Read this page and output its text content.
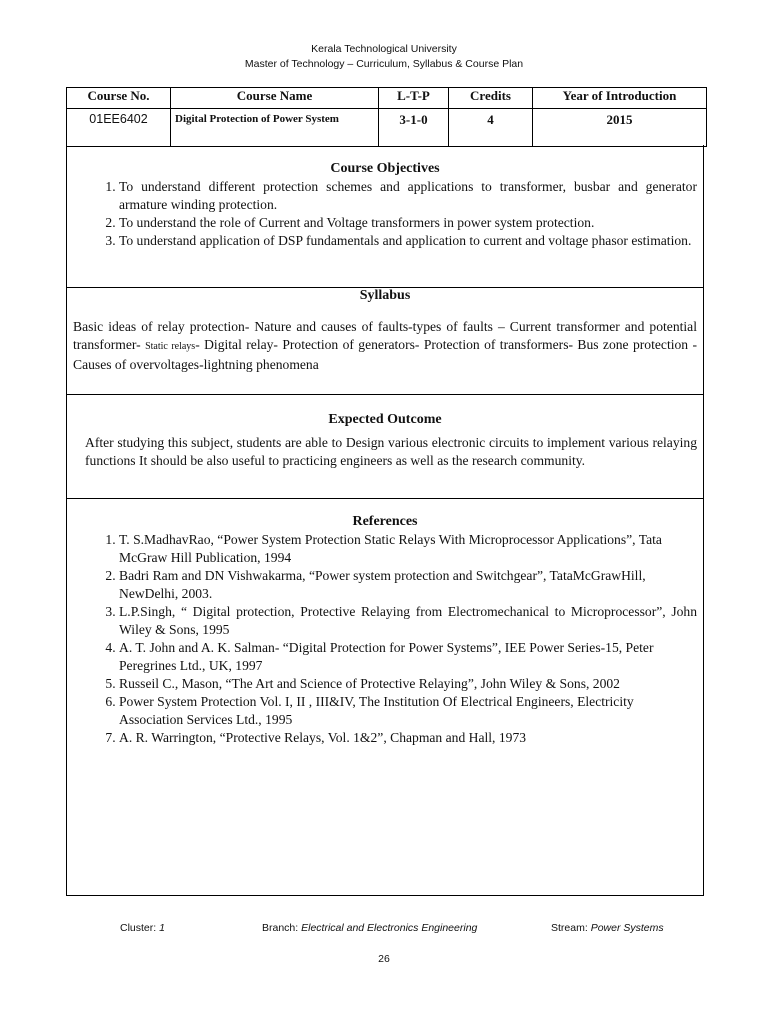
Kerala Technological University
Master of Technology – Curriculum, Syllabus & Course Plan
Course No.	Course Name	L-T-P	Credits	Year of Introduction
01EE6402	Digital Protection of Power System	3-1-0	4	2015
Course Objectives
1. To understand different protection schemes and applications to transformer, busbar and generator armature winding protection.
2. To understand the role of Current and Voltage transformers in power system protection.
3. To understand application of DSP fundamentals and application to current and voltage phasor estimation.
Syllabus
Basic ideas of relay protection- Nature and causes of faults-types of faults – Current transformer and potential transformer- Static relays- Digital relay- Protection of generators- Protection of transformers- Bus zone protection - Causes of overvoltages-lightning phenomena
Expected Outcome
After studying this subject, students are able to Design various electronic circuits to implement various relaying functions It should be also useful to practicing engineers as well as the research community.
References
1. T. S.MadhavRao, “Power System Protection Static Relays With Microprocessor Applications”, Tata McGraw Hill Publication, 1994
2. Badri Ram and DN Vishwakarma, “Power system protection and Switchgear”, TataMcGrawHill, NewDelhi, 2003.
3. L.P.Singh, “ Digital protection, Protective Relaying from Electromechanical to Microprocessor”, John Wiley & Sons, 1995
4. A. T. John and A. K. Salman- “Digital Protection for Power Systems”, IEE Power Series-15, Peter Peregrines Ltd., UK, 1997
5. Russeil C., Mason, “The Art and Science of Protective Relaying”, John Wiley & Sons, 2002
6. Power System Protection Vol. I, II , III&IV, The Institution Of Electrical Engineers, Electricity Association Services Ltd., 1995
7. A. R. Warrington, “Protective Relays, Vol. 1&2”, Chapman and Hall, 1973
Cluster: 1	Branch: Electrical and Electronics Engineering	Stream: Power Systems
26
